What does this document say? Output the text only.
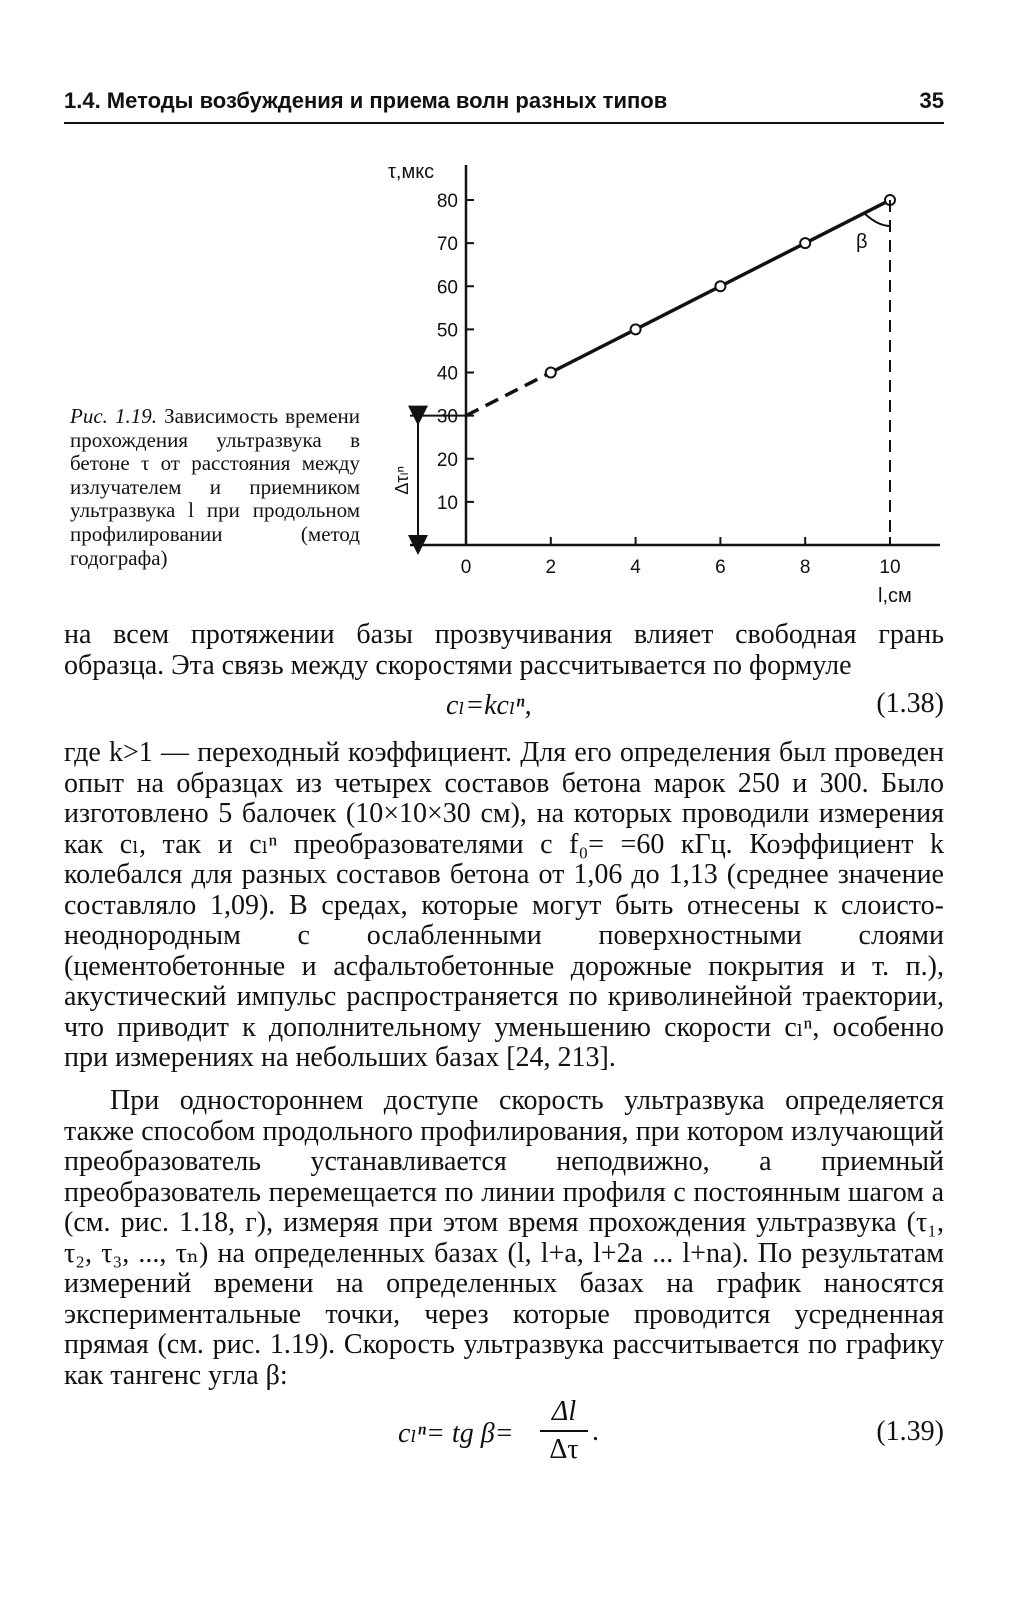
1.4. Методы возбуждения и приема волн разных типов	35
Рис. 1.19. Зависимость времени прохождения ультразвука в бетоне τ от расстояния между излучателем и приемником ультразвука l при продольном профилировании (метод годографа)
τ,мкс
l,см
10
20
30
40
50
60
70
80
0	2	4	6	8	10
β
Δτₗⁿ

на всем протяжении базы прозвучивания влияет свободная грань образца. Эта связь между скоростями рассчитывается по формуле

cₗ=kcₗⁿ,	(1.38)

где k>1 — переходный коэффициент. Для его определения был проведен опыт на образцах из четырех составов бетона марок 250 и 300. Было изготовлено 5 балочек (10×10×30 см), на которых проводили измерения как cₗ, так и cₗⁿ преобразователями с f₀= =60 кГц. Коэффициент k колебался для разных составов бетона от 1,06 до 1,13 (среднее значение составляло 1,09). В средах, которые могут быть отнесены к слоисто-неоднородным с ослабленными поверхностными слоями (цементобетонные и асфальтобетонные дорожные покрытия и т. п.), акустический импульс распространяется по криволинейной траектории, что приводит к дополнительному уменьшению скорости cₗⁿ, особенно при измерениях на небольших базах [24, 213].

При одностороннем доступе скорость ультразвука определяется также способом продольного профилирования, при котором излучающий преобразователь устанавливается неподвижно, а приемный преобразователь перемещается по линии профиля с постоянным шагом a (см. рис. 1.18, г), измеряя при этом время прохождения ультразвука (τ₁, τ₂, τ₃, ..., τₙ) на определенных базах (l, l+a, l+2a ... l+na). По результатам измерений времени на определенных базах на график наносятся экспериментальные точки, через которые проводится усредненная прямая (см. рис. 1.19). Скорость ультразвука рассчитывается по графику как тангенс угла β:

cₗⁿ= tg $\beta= \frac{\Delta l}{\Delta\tau}$ .	(1.39)
